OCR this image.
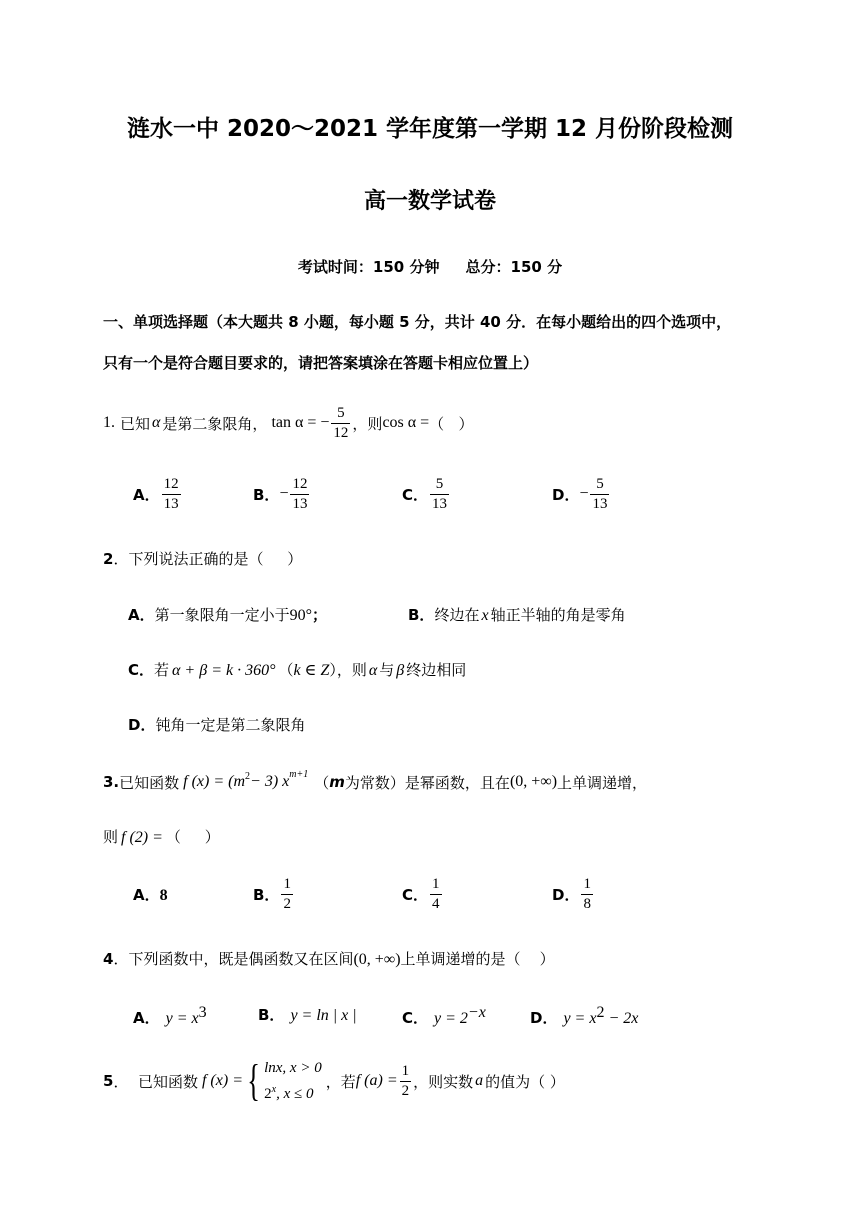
涟水一中 2020～2021 学年度第一学期 12 月份阶段检测
高一数学试卷
考试时间：150 分钟     总分：150 分
一、单项选择题（本大题共 8 小题，每小题 5 分，共计 40 分．在每小题给出的四个选项中，
只有一个是符合题目要求的，请把答案填涂在答题卡相应位置上）
1. 已知 α 是第二象限角， tan α = − $\frac{5}{12}$ ，则 cos α = （   ）
A． $\frac{12}{13}$	B． − $\frac{12}{13}$	C． $\frac{5}{13}$	D． − $\frac{5}{13}$
2．下列说法正确的是（     ）
A．第一象限角一定小于90°；	B．终边在 x 轴正半轴的角是零角
C．若 α + β = k · 360° （k ∈ Z），则 α 与 β 终边相同
D．钝角一定是第二象限角
3. 已知函数 f $(x) = (m^2 - 3)$ $x^{m+1}$ （ m 为常数）是幂函数，且在 (0, +∞) 上单调递增，
则 f (2) = （     ）
A．8	B． $\frac{1}{2}$	C． $\frac{1}{4}$	D． $\frac{1}{8}$
4．下列函数中，既是偶函数又在区间(0, +∞)上单调递增的是（    ）
A． $y = x^3$	B． y = ln | x |	C． $y = 2^{-x}$	D． $y = x^2 - 2x$
5 ．  已知函数 f (x) = { lnx, x > 0
2$^x$, x ≤ 0
，若 f $(a) = \frac{1}{2}$ ，则实数 a 的值为（ ）
